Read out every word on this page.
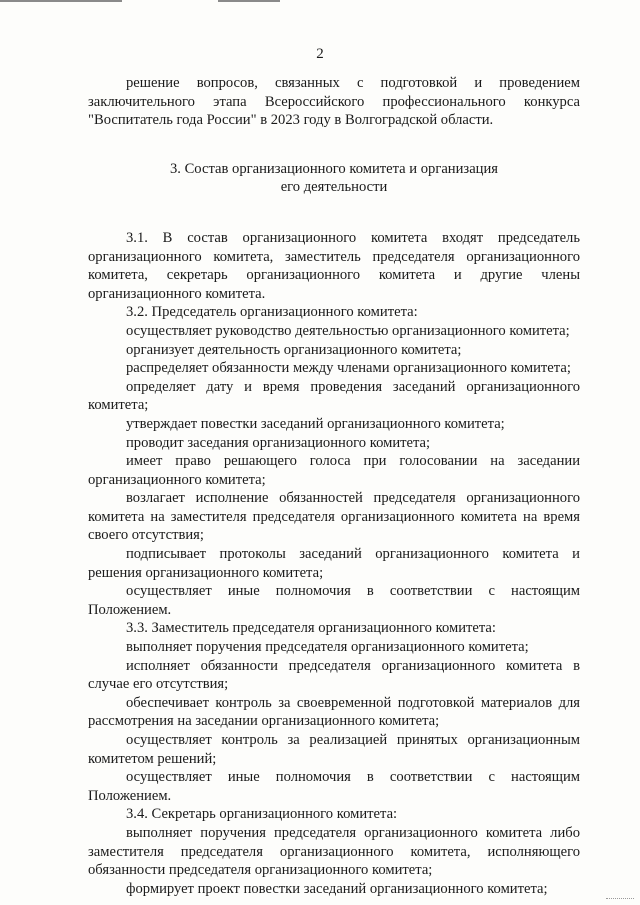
2

решение вопросов, связанных с подготовкой и проведением заключительного этапа Всероссийского профессионального конкурса "Воспитатель года России" в 2023 году в Волгоградской области.

3. Состав организационного комитета и организация
его деятельности

3.1. В состав организационного комитета входят председатель организационного комитета, заместитель председателя организационного комитета, секретарь организационного комитета и другие члены организационного комитета.

3.2. Председатель организационного комитета:

осуществляет руководство деятельностью организационного комитета;

организует деятельность организационного комитета;

распределяет обязанности между членами организационного комитета;

определяет дату и время проведения заседаний организационного комитета;

утверждает повестки заседаний организационного комитета;

проводит заседания организационного комитета;

имеет право решающего голоса при голосовании на заседании организационного комитета;

возлагает исполнение обязанностей председателя организационного комитета на заместителя председателя организационного комитета на время своего отсутствия;

подписывает протоколы заседаний организационного комитета и решения организационного комитета;

осуществляет иные полномочия в соответствии с настоящим Положением.

3.3. Заместитель председателя организационного комитета:

выполняет поручения председателя организационного комитета;

исполняет обязанности председателя организационного комитета в случае его отсутствия;

обеспечивает контроль за своевременной подготовкой материалов для рассмотрения на заседании организационного комитета;

осуществляет контроль за реализацией принятых организационным комитетом решений;

осуществляет иные полномочия в соответствии с настоящим Положением.

3.4. Секретарь организационного комитета:

выполняет поручения председателя организационного комитета либо заместителя председателя организационного комитета, исполняющего обязанности председателя организационного комитета;

формирует проект повестки заседаний организационного комитета;
